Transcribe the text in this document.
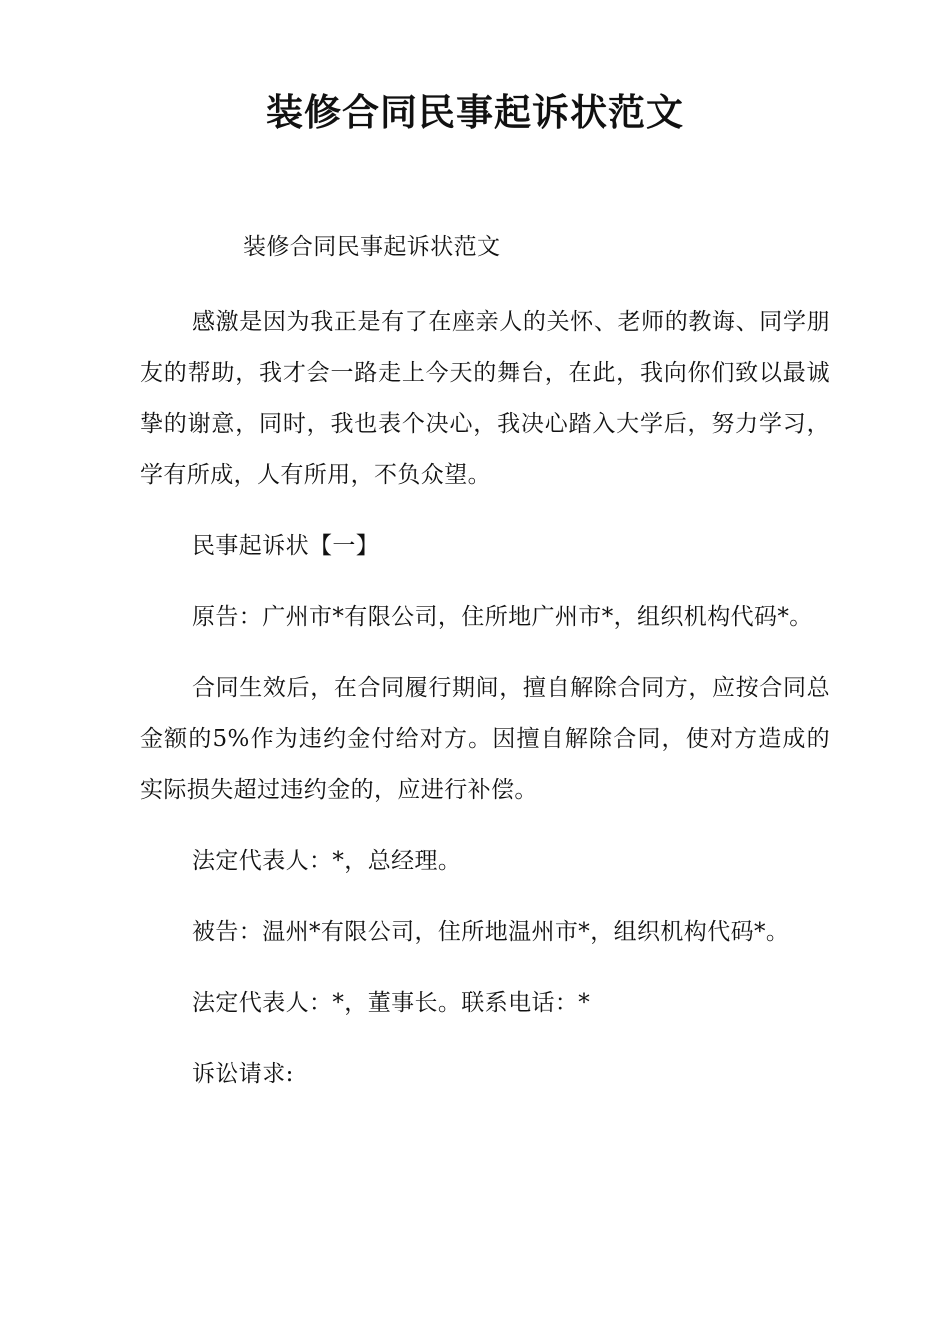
装修合同民事起诉状范文

装修合同民事起诉状范文

感激是因为我正是有了在座亲人的关怀、老师的教诲、同学朋友的帮助，我才会一路走上今天的舞台，在此，我向你们致以最诚挚的谢意，同时，我也表个决心，我决心踏入大学后，努力学习，学有所成，人有所用，不负众望。

民事起诉状【一】

原告：广州市*有限公司，住所地广州市*，组织机构代码*。

合同生效后，在合同履行期间，擅自解除合同方，应按合同总金额的5%作为违约金付给对方。因擅自解除合同，使对方造成的实际损失超过违约金的，应进行补偿。

法定代表人：*，总经理。

被告：温州*有限公司，住所地温州市*，组织机构代码*。

法定代表人：*，董事长。联系电话：*

诉讼请求:
